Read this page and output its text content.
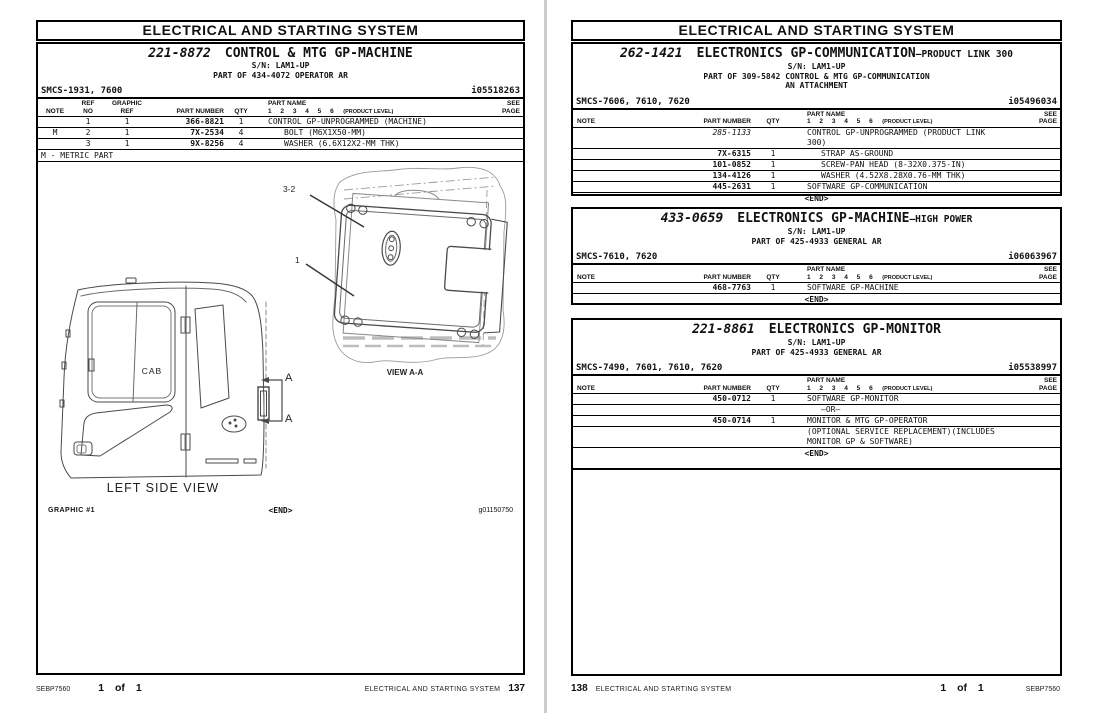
ELECTRICAL AND STARTING SYSTEM
221-8872 CONTROL & MTG GP-MACHINE
S/N: LAM1-UP
PART OF 434-4072 OPERATOR AR
SMCS-1931, 7600	i05518263
NOTE
REF
NO
GRAPHIC
REF	PART NUMBER	QTY
PART NAME
1 2 3 4 5 6 (PRODUCT LEVEL)
SEE
PAGE
1	1	366-8821	1	CONTROL GP-UNPROGRAMMED (MACHINE)
M	2	1	7X-2534	4	BOLT (M6X1X50-MM)
3	1	9X-8256	4	WASHER (6.6X12X2-MM THK)
M - METRIC PART
CAB
LEFT SIDE VIEW
VIEW A-A
3-2
1
A
A
GRAPHIC #1	<END>	g01150750
SEBP7560	1 of 1	ELECTRICAL AND STARTING SYSTEM 137
ELECTRICAL AND STARTING SYSTEM
262-1421 ELECTRONICS GP-COMMUNICATION—PRODUCT LINK 300
S/N: LAM1-UP
PART OF 309-5842 CONTROL & MTG GP-COMMUNICATION
AN ATTACHMENT
SMCS-7606, 7610, 7620	i05496034
NOTE	PART NUMBER	QTY
PART NAME
1 2 3 4 5 6 (PRODUCT LEVEL)
SEE
PAGE
285-1133	CONTROL GP-UNPROGRAMMED (PRODUCT LINK 300)
7X-6315	1	STRAP AS-GROUND
101-0852	1	SCREW-PAN HEAD (8-32X0.375-IN)
134-4126	1	WASHER (4.52X8.28X0.76-MM THK)
445-2631	1	SOFTWARE GP-COMMUNICATION
<END>
433-0659 ELECTRONICS GP-MACHINE—HIGH POWER
S/N: LAM1-UP
PART OF 425-4933 GENERAL AR
SMCS-7610, 7620	i06063967
NOTE	PART NUMBER	QTY
PART NAME
1 2 3 4 5 6 (PRODUCT LEVEL)
SEE
PAGE
468-7763	1	SOFTWARE GP-MACHINE
<END>
221-8861 ELECTRONICS GP-MONITOR
S/N: LAM1-UP
PART OF 425-4933 GENERAL AR
SMCS-7490, 7601, 7610, 7620	i05538997
NOTE	PART NUMBER	QTY
PART NAME
1 2 3 4 5 6 (PRODUCT LEVEL)
SEE
PAGE
450-0712	1	SOFTWARE GP-MONITOR
–OR–
450-0714	1	MONITOR & MTG GP-OPERATOR
(OPTIONAL SERVICE REPLACEMENT)(INCLUDES MONITOR GP & SOFTWARE)
<END>
138 ELECTRICAL AND STARTING SYSTEM	1 of 1	SEBP7560
